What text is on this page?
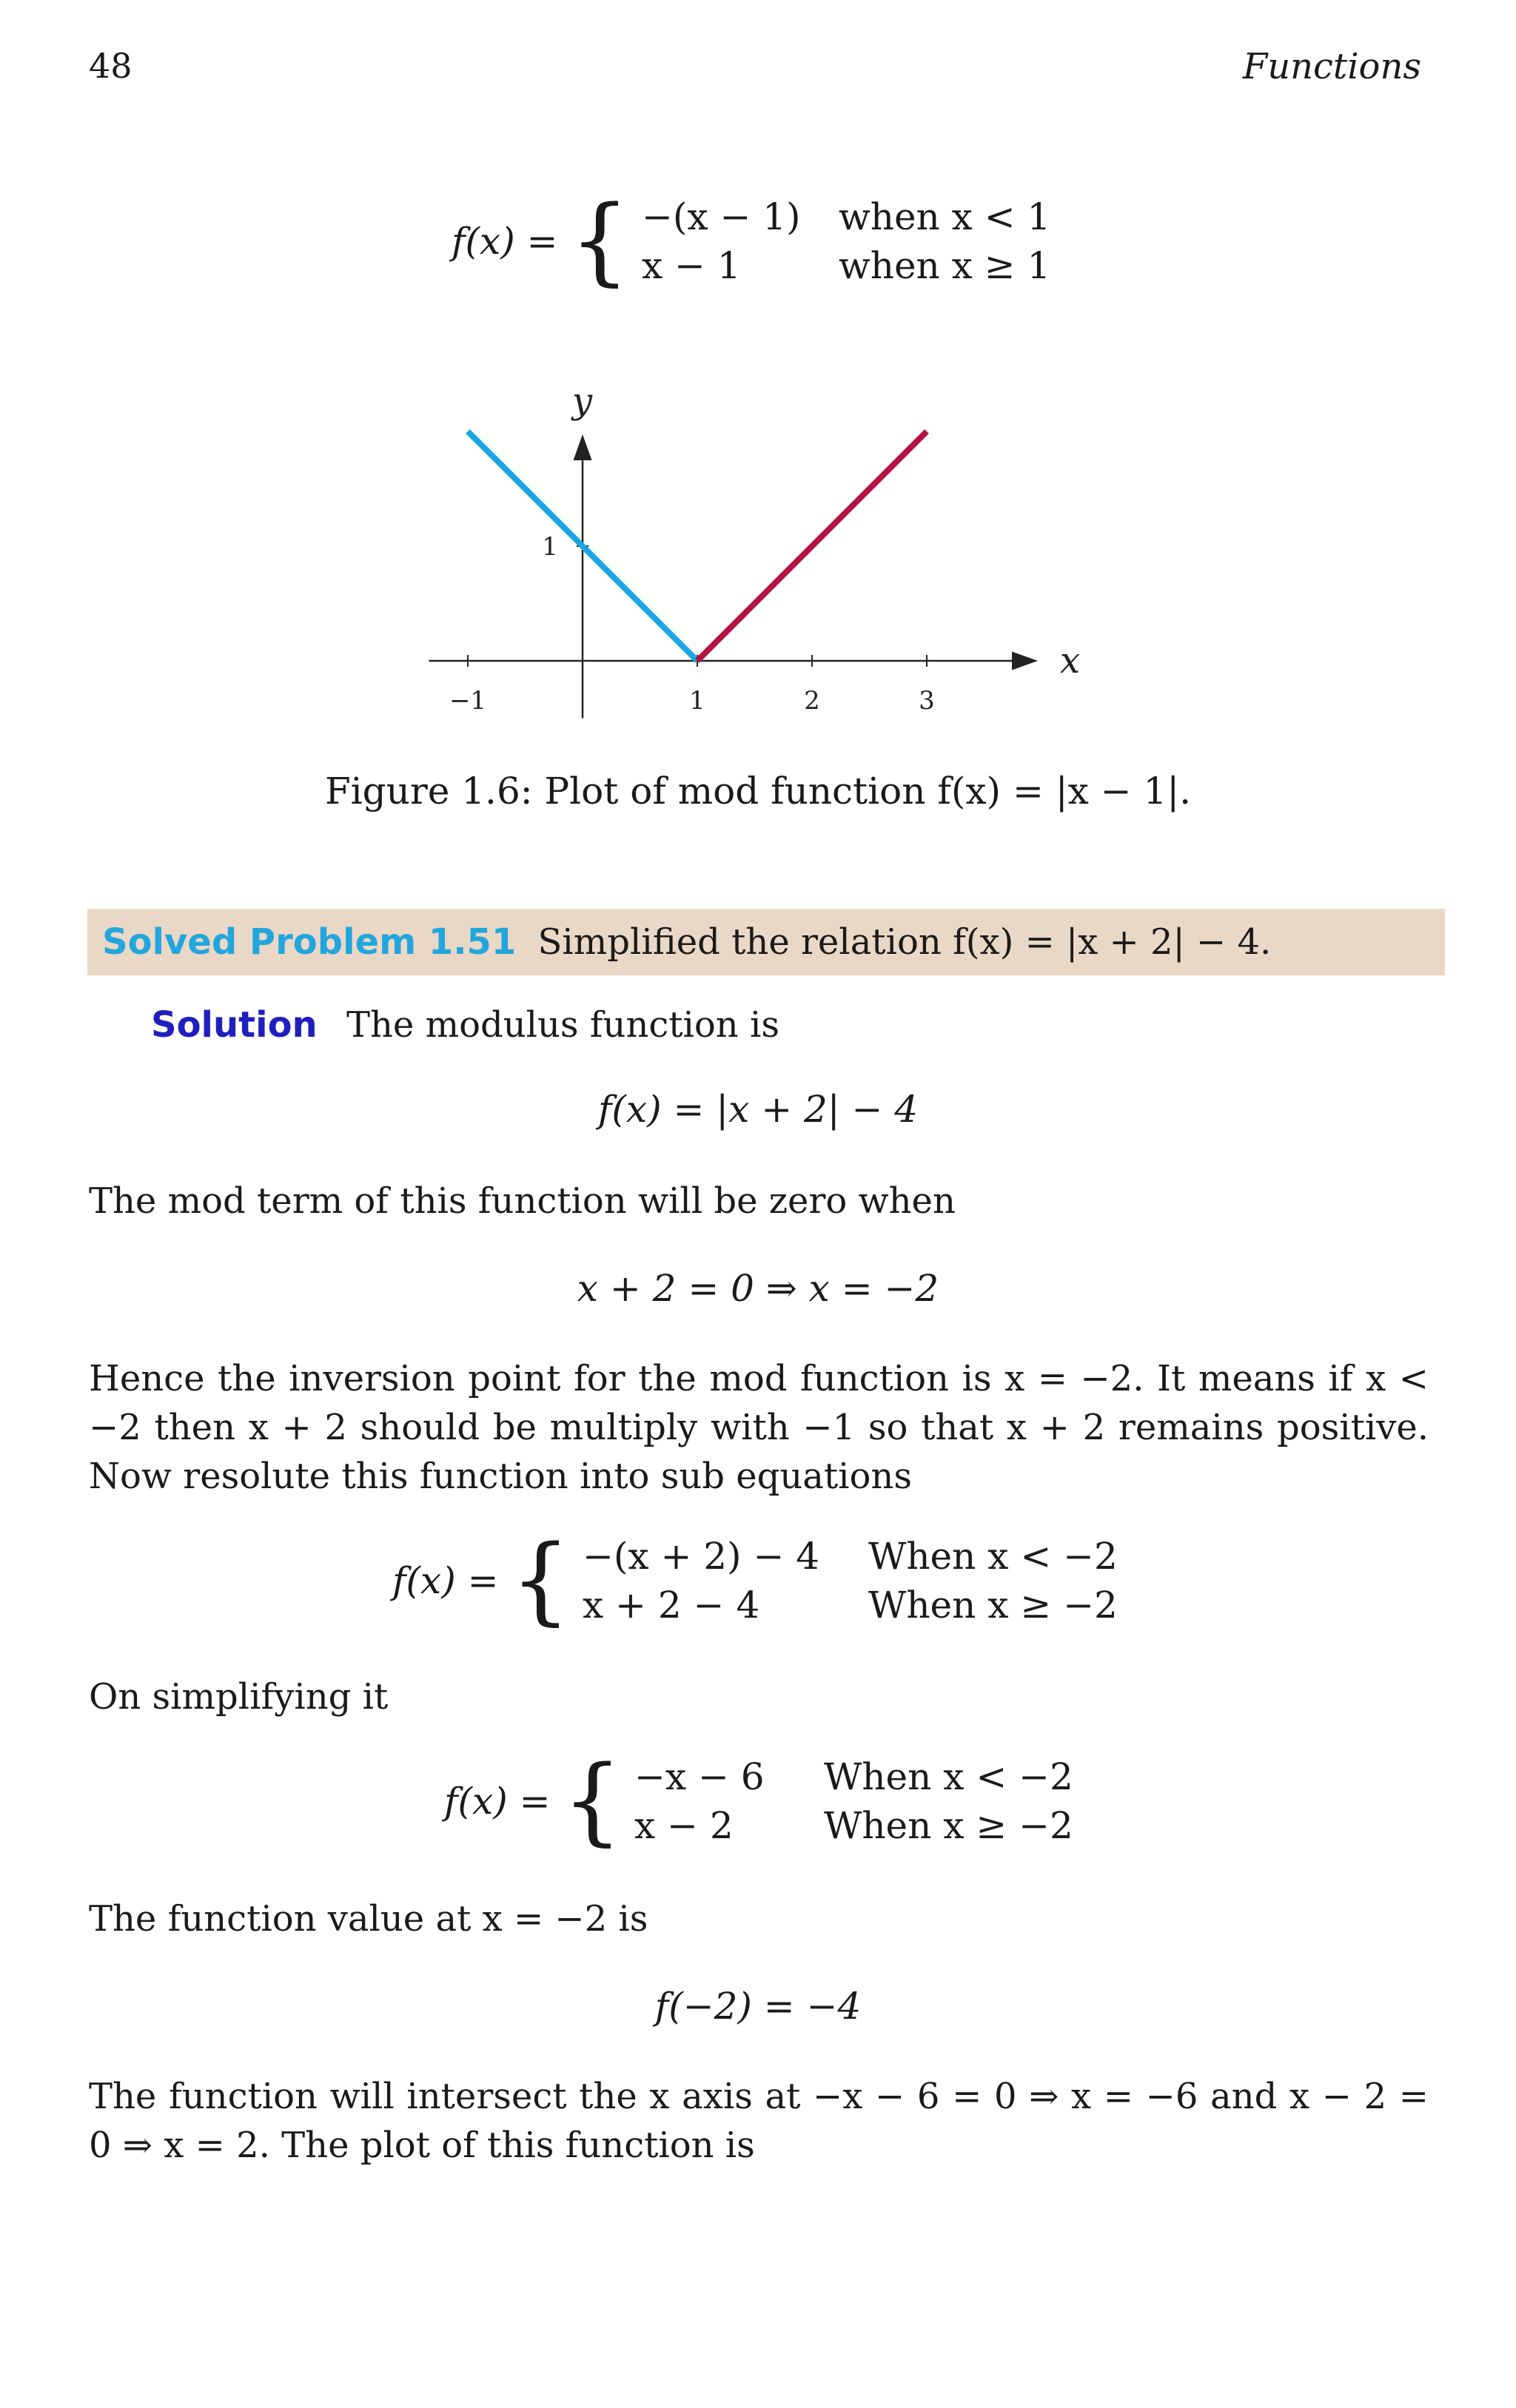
48	Functions
f(x) = { −(x − 1) when x < 1
x − 1	when x ≥ 1
x
y
−1	1	2	3
1
Figure 1.6: Plot of mod function f(x) = |x − 1|.
Solved Problem 1.51 Simplified the relation f(x) = |x + 2| − 4.
Solution The modulus function is
f(x) = |x + 2| − 4
The mod term of this function will be zero when
x + 2 = 0 ⇒ x = −2
Hence the inversion point for the mod function is x = −2. It means if x < −2 then x + 2 should be multiply with −1 so that x + 2 remains positive. Now resolute this function into sub equations
f(x) = { −(x + 2) − 4 When x < −2
x + 2 − 4	When x ≥ −2
On simplifying it
f(x) = { −x − 6	When x < −2
x − 2	When x ≥ −2
The function value at x = −2 is
f(−2) = −4
The function will intersect the x axis at −x − 6 = 0 ⇒ x = −6 and x − 2 = 0 ⇒ x = 2. The plot of this function is
